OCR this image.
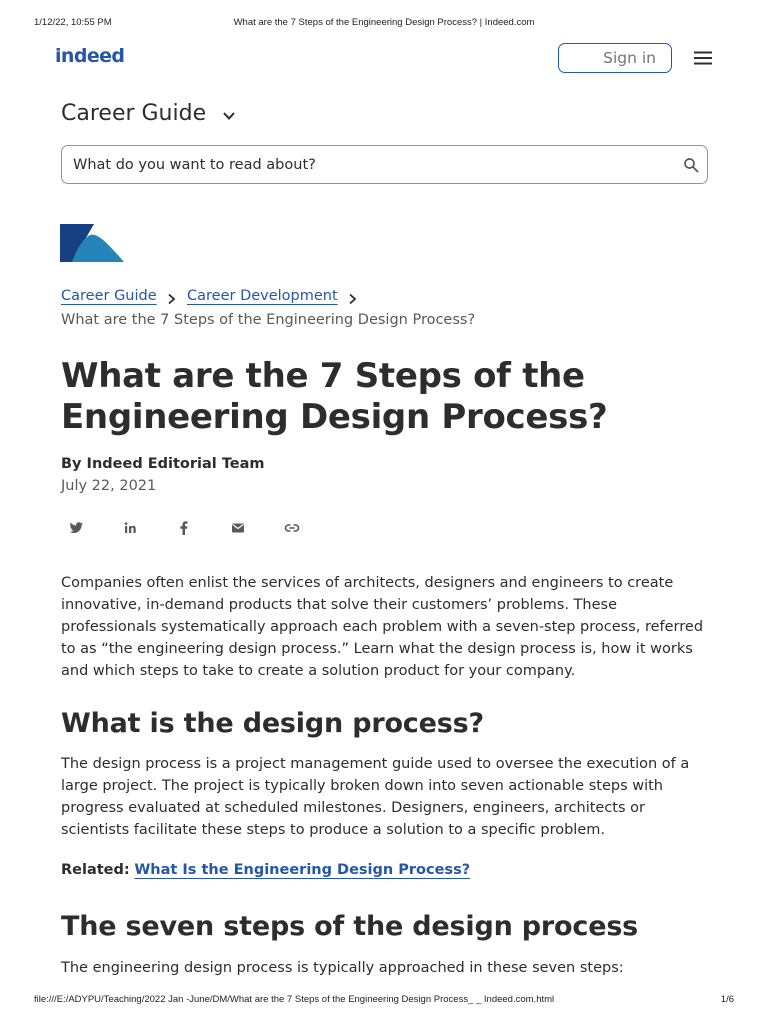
1/12/22, 10:55 PM	What are the 7 Steps of the Engineering Design Process? | Indeed.com
indeed	Sign in
Career Guide
What do you want to read about?
Career Guide Career Development
What are the 7 Steps of the Engineering Design Process?
What are the 7 Steps of the Engineering Design Process?
By Indeed Editorial Team
July 22, 2021

Companies often enlist the services of architects, designers and engineers to create innovative, in-demand products that solve their customers’ problems. These professionals systematically approach each problem with a seven-step process, referred to as “the engineering design process.” Learn what the design process is, how it works and which steps to take to create a solution product for your company.

What is the design process?

The design process is a project management guide used to oversee the execution of a large project. The project is typically broken down into seven actionable steps with progress evaluated at scheduled milestones. Designers, engineers, architects or scientists facilitate these steps to produce a solution to a specific problem.

Related: What Is the Engineering Design Process?
The seven steps of the design process

The engineering design process is typically approached in these seven steps:

file:///E:/ADYPU/Teaching/2022 Jan -June/DM/What are the 7 Steps of the Engineering Design Process_ _ Indeed.com.html	1/6
